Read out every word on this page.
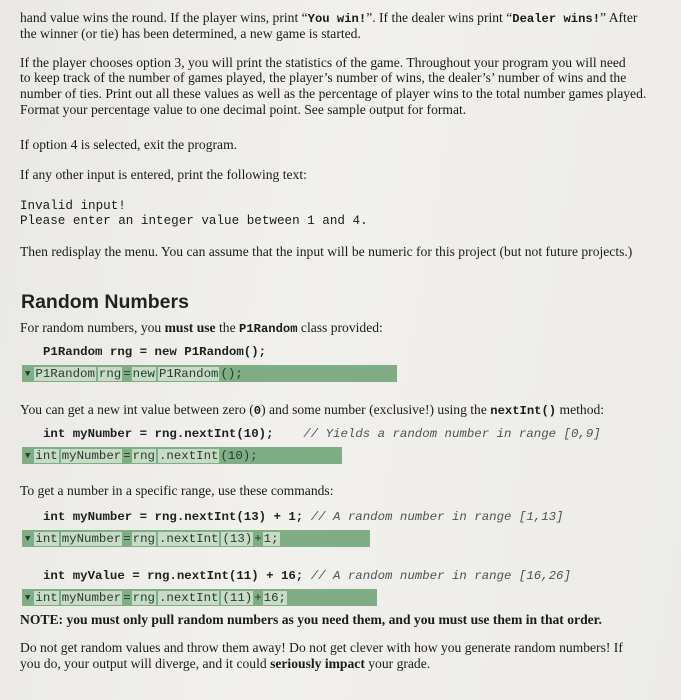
hand value wins the round. If the player wins, print “You win!”. If the dealer wins print “Dealer wins!” After
the winner (or tie) has been determined, a new game is started.
If the player chooses option 3, you will print the statistics of the game. Throughout your program you will need
to keep track of the number of games played, the player’s number of wins, the dealer’s’ number of wins and the
number of ties. Print out all these values as well as the percentage of player wins to the total number games played.
Format your percentage value to one decimal point. See sample output for format.
If option 4 is selected, exit the program.
If any other input is entered, print the following text:
Invalid input!
Please enter an integer value between 1 and 4.
Then redisplay the menu. You can assume that the input will be numeric for this project (but not future projects.)
Random Numbers
For random numbers, you must use the P1Random class provided:
P1Random rng = new P1Random();
▼ P1Random rng = new P1Random ();
You can get a new int value between zero (0) and some number (exclusive!) using the nextInt() method:
int myNumber = rng.nextInt(10); // Yields a random number in range [0,9]
▼ int myNumber = rng .nextInt (10);
To get a number in a specific range, use these commands:
int myNumber = rng.nextInt(13) + 1; // A random number in range [1,13]
▼ int myNumber = rng .nextInt (13) + 1;
int myValue = rng.nextInt(11) + 16; // A random number in range [16,26]
▼ int myNumber = rng .nextInt (11) + 16;
NOTE: you must only pull random numbers as you need them, and you must use them in that order.
Do not get random values and throw them away! Do not get clever with how you generate random numbers! If
you do, your output will diverge, and it could seriously impact your grade.
